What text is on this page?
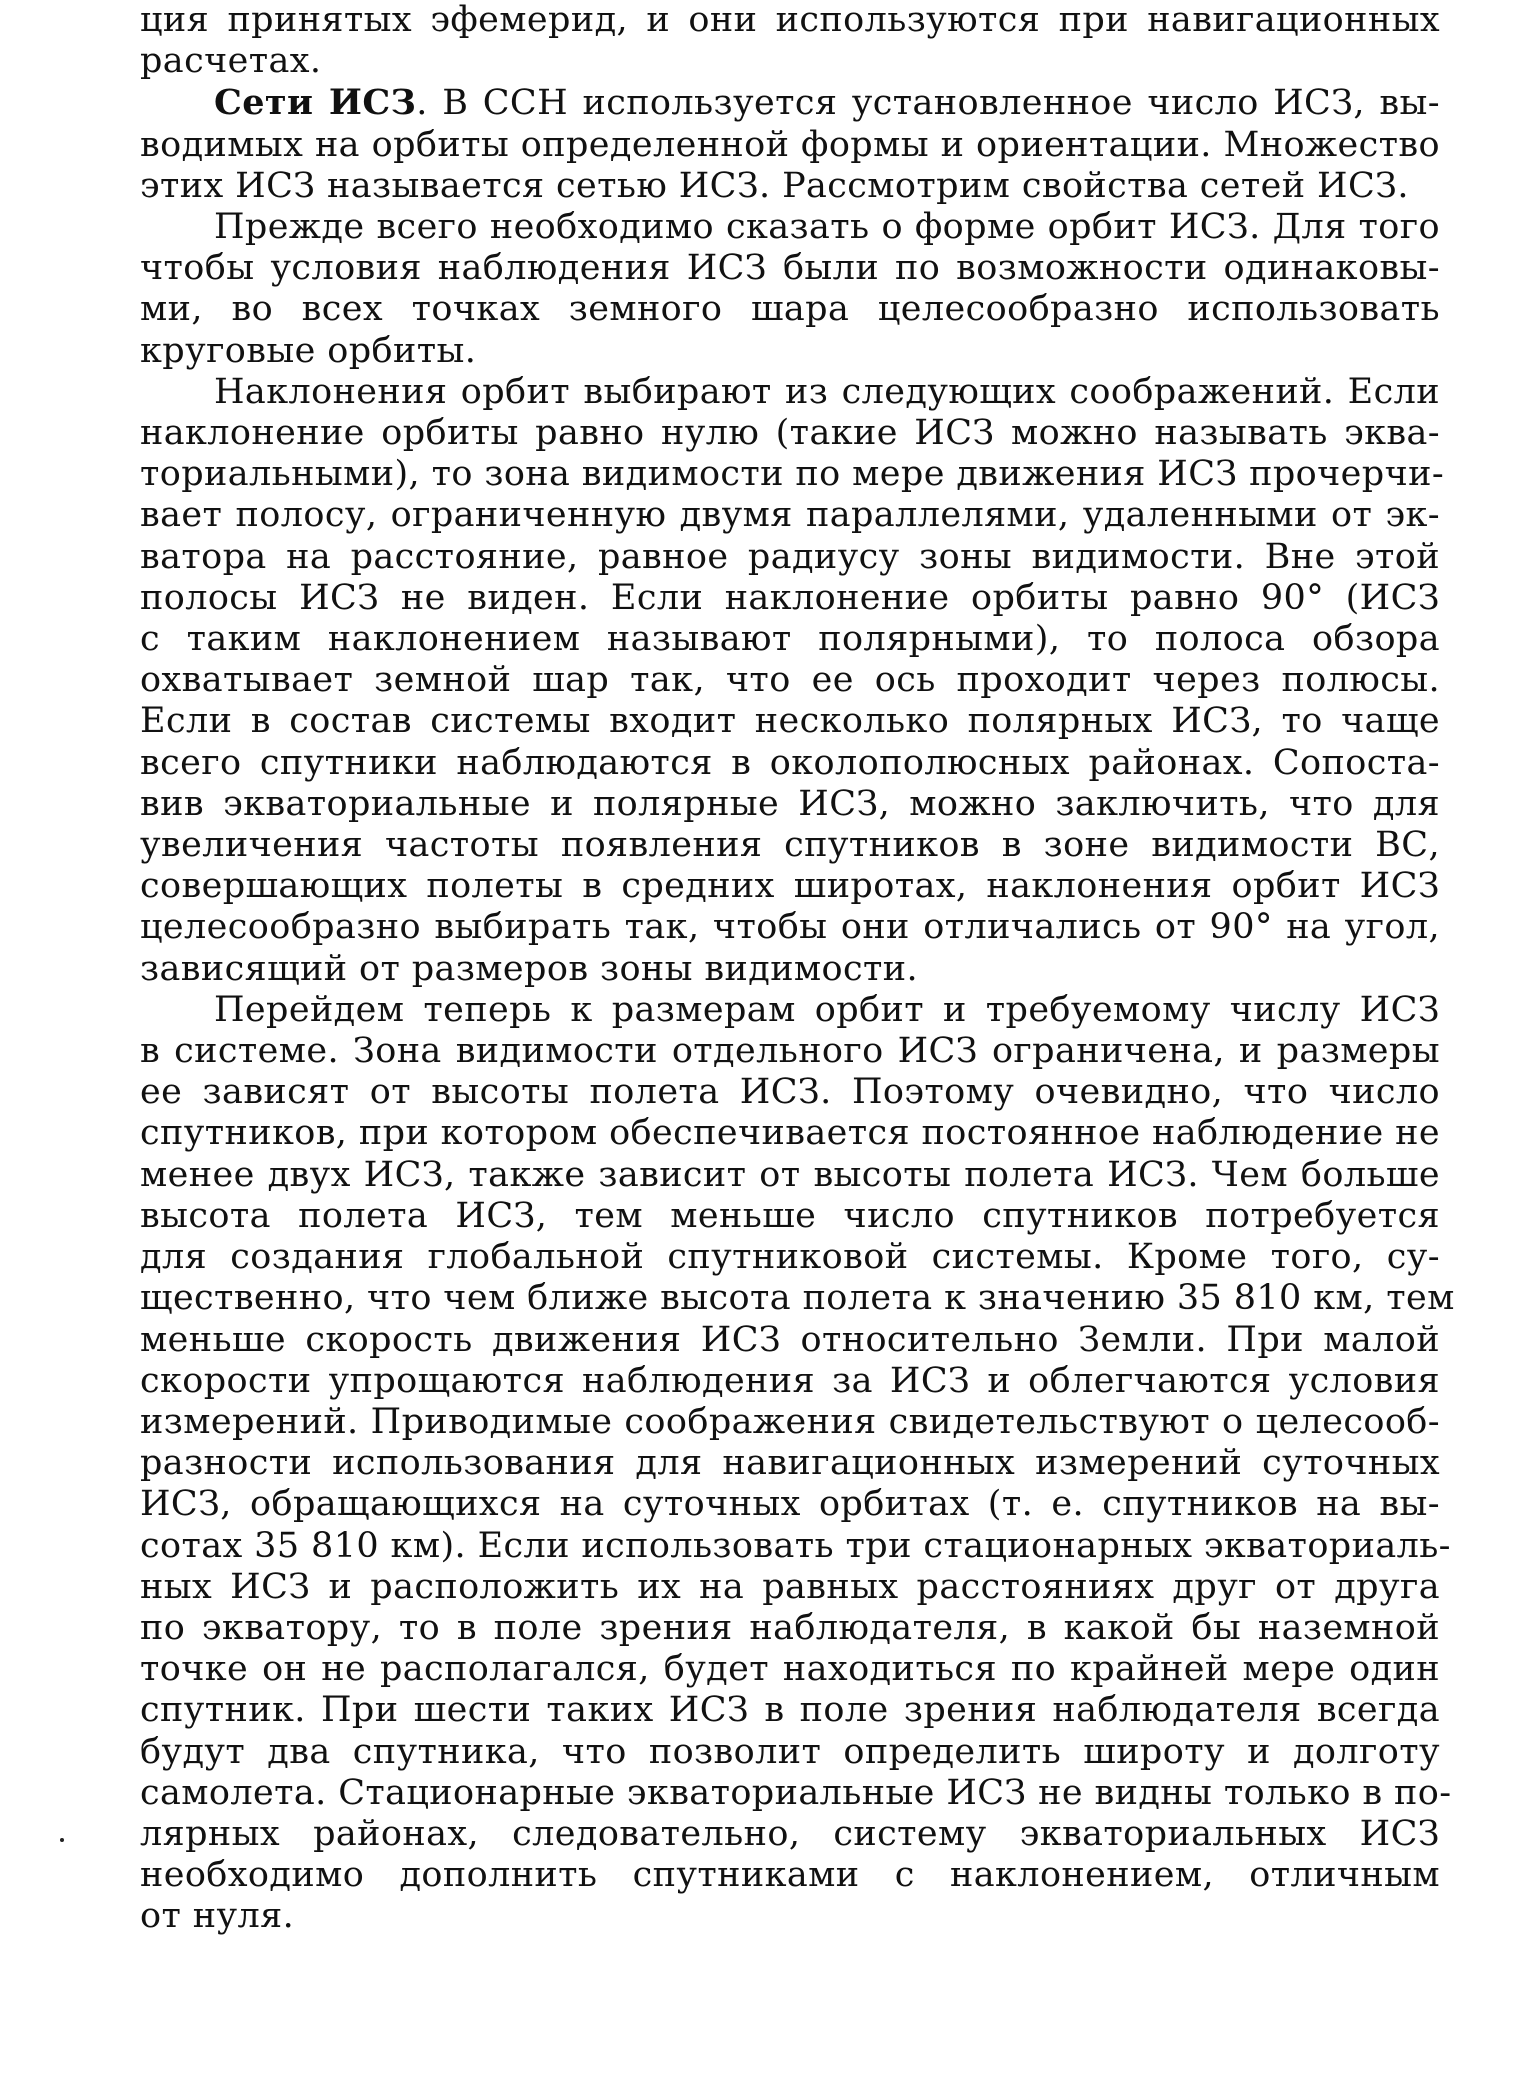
ция принятых эфемерид, и они используются при навигационных
расчетах.
Сети ИСЗ. В ССН используется установленное число ИСЗ, вы-
водимых на орбиты определенной формы и ориентации. Множество
этих ИСЗ называется сетью ИСЗ. Рассмотрим свойства сетей ИСЗ.
Прежде всего необходимо сказать о форме орбит ИСЗ. Для того
чтобы условия наблюдения ИСЗ были по возможности одинаковы-
ми, во всех точках земного шара целесообразно использовать
круговые орбиты.
Наклонения орбит выбирают из следующих соображений. Если
наклонение орбиты равно нулю (такие ИСЗ можно называть эква-
ториальными), то зона видимости по мере движения ИСЗ прочерчи-
вает полосу, ограниченную двумя параллелями, удаленными от эк-
ватора на расстояние, равное радиусу зоны видимости. Вне этой
полосы ИСЗ не виден. Если наклонение орбиты равно 90° (ИСЗ
с таким наклонением называют полярными), то полоса обзора
охватывает земной шар так, что ее ось проходит через полюсы.
Если в состав системы входит несколько полярных ИСЗ, то чаще
всего спутники наблюдаются в околополюсных районах. Сопоста-
вив экваториальные и полярные ИСЗ, можно заключить, что для
увеличения частоты появления спутников в зоне видимости ВС,
совершающих полеты в средних широтах, наклонения орбит ИСЗ
целесообразно выбирать так, чтобы они отличались от 90° на угол,
зависящий от размеров зоны видимости.
Перейдем теперь к размерам орбит и требуемому числу ИСЗ
в системе. Зона видимости отдельного ИСЗ ограничена, и размеры
ее зависят от высоты полета ИСЗ. Поэтому очевидно, что число
спутников, при котором обеспечивается постоянное наблюдение не
менее двух ИСЗ, также зависит от высоты полета ИСЗ. Чем больше
высота полета ИСЗ, тем меньше число спутников потребуется
для создания глобальной спутниковой системы. Кроме того, су-
щественно, что чем ближе высота полета к значению 35 810 км, тем
меньше скорость движения ИСЗ относительно Земли. При малой
скорости упрощаются наблюдения за ИСЗ и облегчаются условия
измерений. Приводимые соображения свидетельствуют о целесооб-
разности использования для навигационных измерений суточных
ИСЗ, обращающихся на суточных орбитах (т. е. спутников на вы-
сотах 35 810 км). Если использовать три стационарных экваториаль-
ных ИСЗ и расположить их на равных расстояниях друг от друга
по экватору, то в поле зрения наблюдателя, в какой бы наземной
точке он не располагался, будет находиться по крайней мере один
спутник. При шести таких ИСЗ в поле зрения наблюдателя всегда
будут два спутника, что позволит определить широту и долготу
самолета. Стационарные экваториальные ИСЗ не видны только в по-
лярных районах, следовательно, систему экваториальных ИСЗ
необходимо дополнить спутниками с наклонением, отличным
от нуля.
